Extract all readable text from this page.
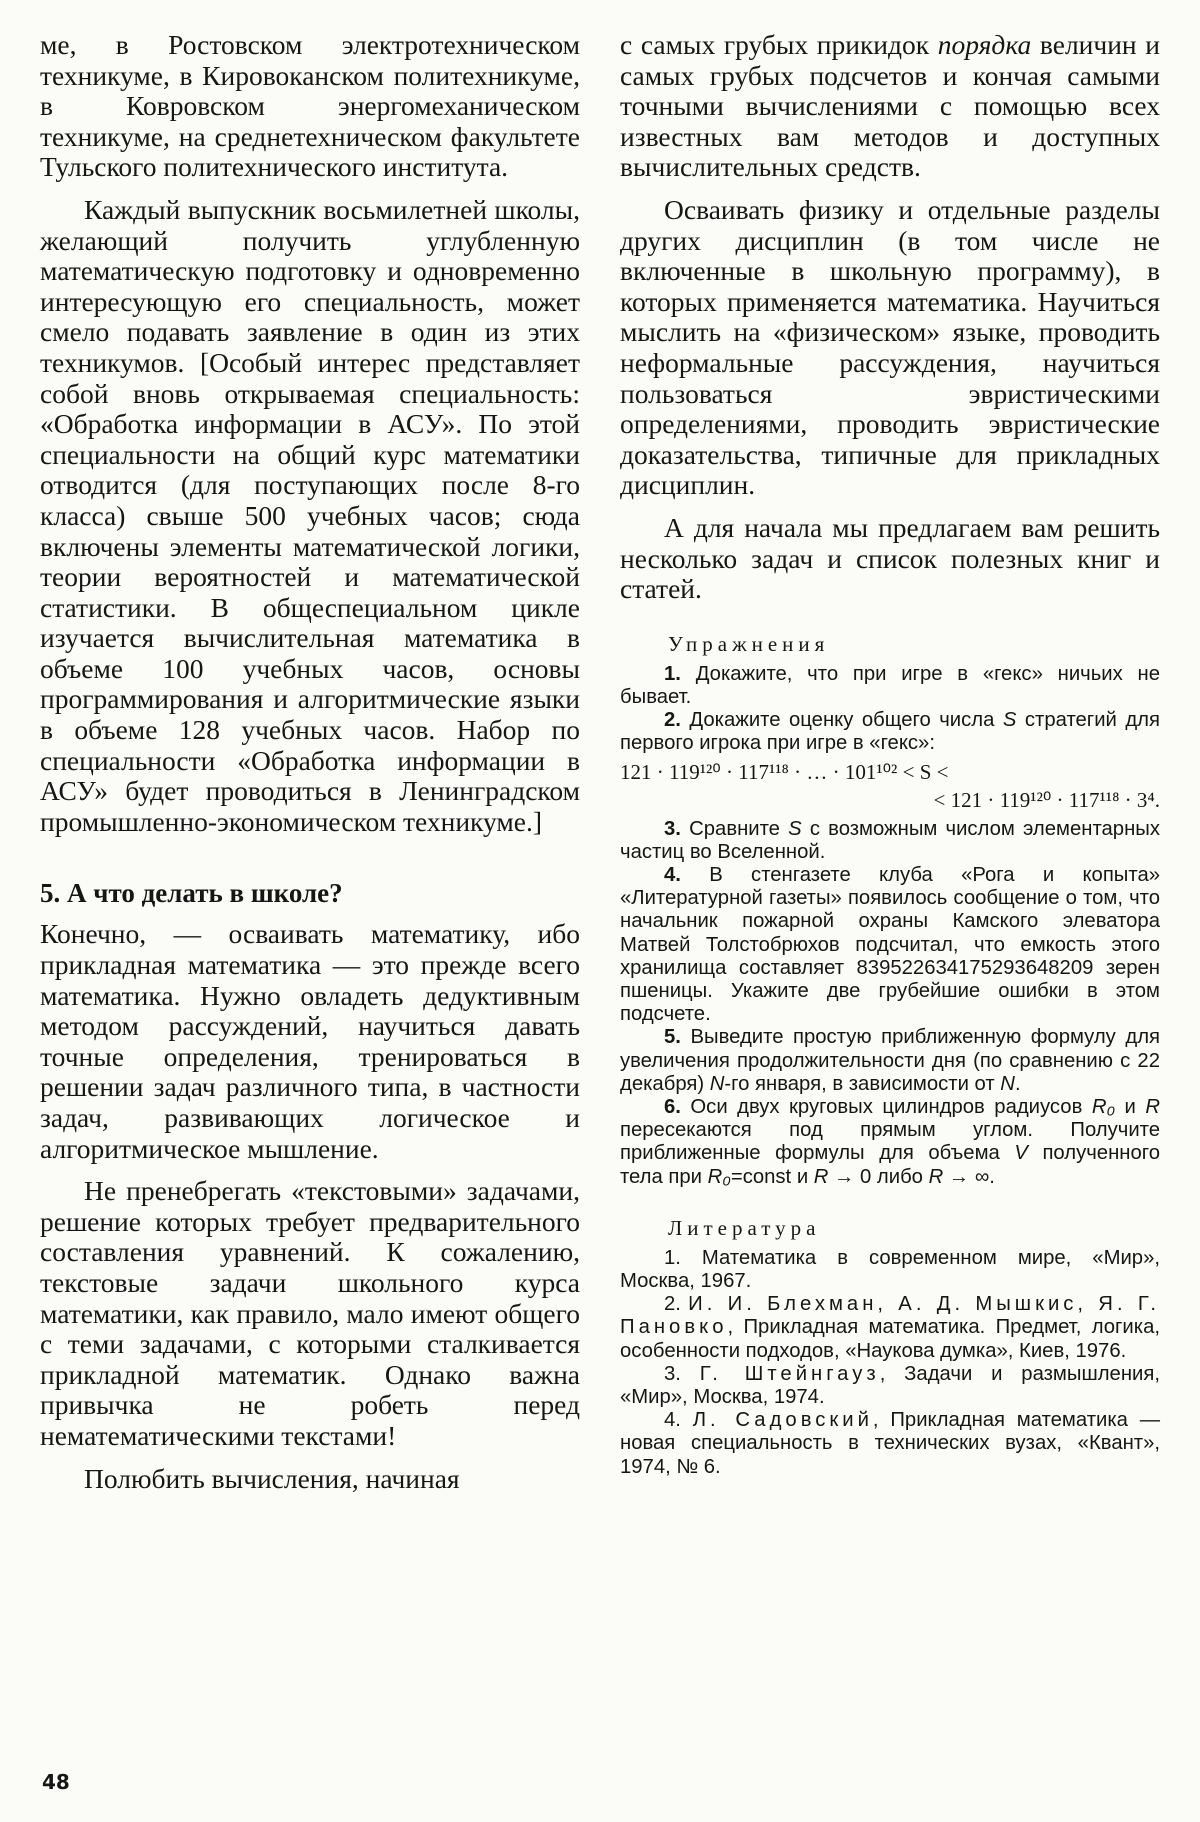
ме, в Ростовском электротехническом техникуме, в Кировоканском политехникуме, в Ковровском энергомеханическом техникуме, на среднетехническом факультете Тульского политехнического института.

Каждый выпускник восьмилетней школы, желающий получить углубленную математическую подготовку и одновременно интересующую его специальность, может смело подавать заявление в один из этих техникумов. [Особый интерес представляет собой вновь открываемая специальность: «Обработка информации в АСУ». По этой специальности на общий курс математики отводится (для поступающих после 8-го класса) свыше 500 учебных часов; сюда включены элементы математической логики, теории вероятностей и математической статистики. В общеспециальном цикле изучается вычислительная математика в объеме 100 учебных часов, основы программирования и алгоритмические языки в объеме 128 учебных часов. Набор по специальности «Обработка информации в АСУ» будет проводиться в Ленинградском промышленно-экономическом техникуме.]

5. А что делать в школе?

Конечно, — осваивать математику, ибо прикладная математика — это прежде всего математика. Нужно овладеть дедуктивным методом рассуждений, научиться давать точные определения, тренироваться в решении задач различного типа, в частности задач, развивающих логическое и алгоритмическое мышление.

Не пренебрегать «текстовыми» задачами, решение которых требует предварительного составления уравнений. К сожалению, текстовые задачи школьного курса математики, как правило, мало имеют общего с теми задачами, с которыми сталкивается прикладной математик. Однако важна привычка не робеть перед нематематическими текстами!

Полюбить вычисления, начиная

с самых грубых прикидок порядка величин и самых грубых подсчетов и кончая самыми точными вычислениями с помощью всех известных вам методов и доступных вычислительных средств.

Осваивать физику и отдельные разделы других дисциплин (в том числе не включенные в школьную программу), в которых применяется математика. Научиться мыслить на «физическом» языке, проводить неформальные рассуждения, научиться пользоваться эвристическими определениями, проводить эвристические доказательства, типичные для прикладных дисциплин.

А для начала мы предлагаем вам решить несколько задач и список полезных книг и статей.

Упражнения

1. Докажите, что при игре в «гекс» ничьих не бывает.

2. Докажите оценку общего числа S стратегий для первого игрока при игре в «гекс»:

121 · 119¹²⁰ · 117¹¹⁸ · … · 101¹⁰² < S <
< 121 · 119¹²⁰ · 117¹¹⁸ · 3⁴.

3. Сравните S с возможным числом элементарных частиц во Вселенной.

4. В стенгазете клуба «Рога и копыта» «Литературной газеты» появилось сообщение о том, что начальник пожарной охраны Камского элеватора Матвей Толстобрюхов подсчитал, что емкость этого хранилища составляет 839522634175293648209 зерен пшеницы. Укажите две грубейшие ошибки в этом подсчете.

5. Выведите простую приближенную формулу для увеличения продолжительности дня (по сравнению с 22 декабря) N-го января, в зависимости от N.

6. Оси двух круговых цилиндров радиусов R₀ и R пересекаются под прямым углом. Получите приближенные формулы для объема V полученного тела при R₀=const и R → 0 либо R → ∞.

Литература

1. Математика в современном мире, «Мир», Москва, 1967.

2. И. И. Блехман, А. Д. Мышкис, Я. Г. Пановко, Прикладная математика. Предмет, логика, особенности подходов, «Наукова думка», Киев, 1976.

3. Г. Штейнгауз, Задачи и размышления, «Мир», Москва, 1974.

4. Л. Садовский, Прикладная математика — новая специальность в технических вузах, «Квант», 1974, № 6.

48
